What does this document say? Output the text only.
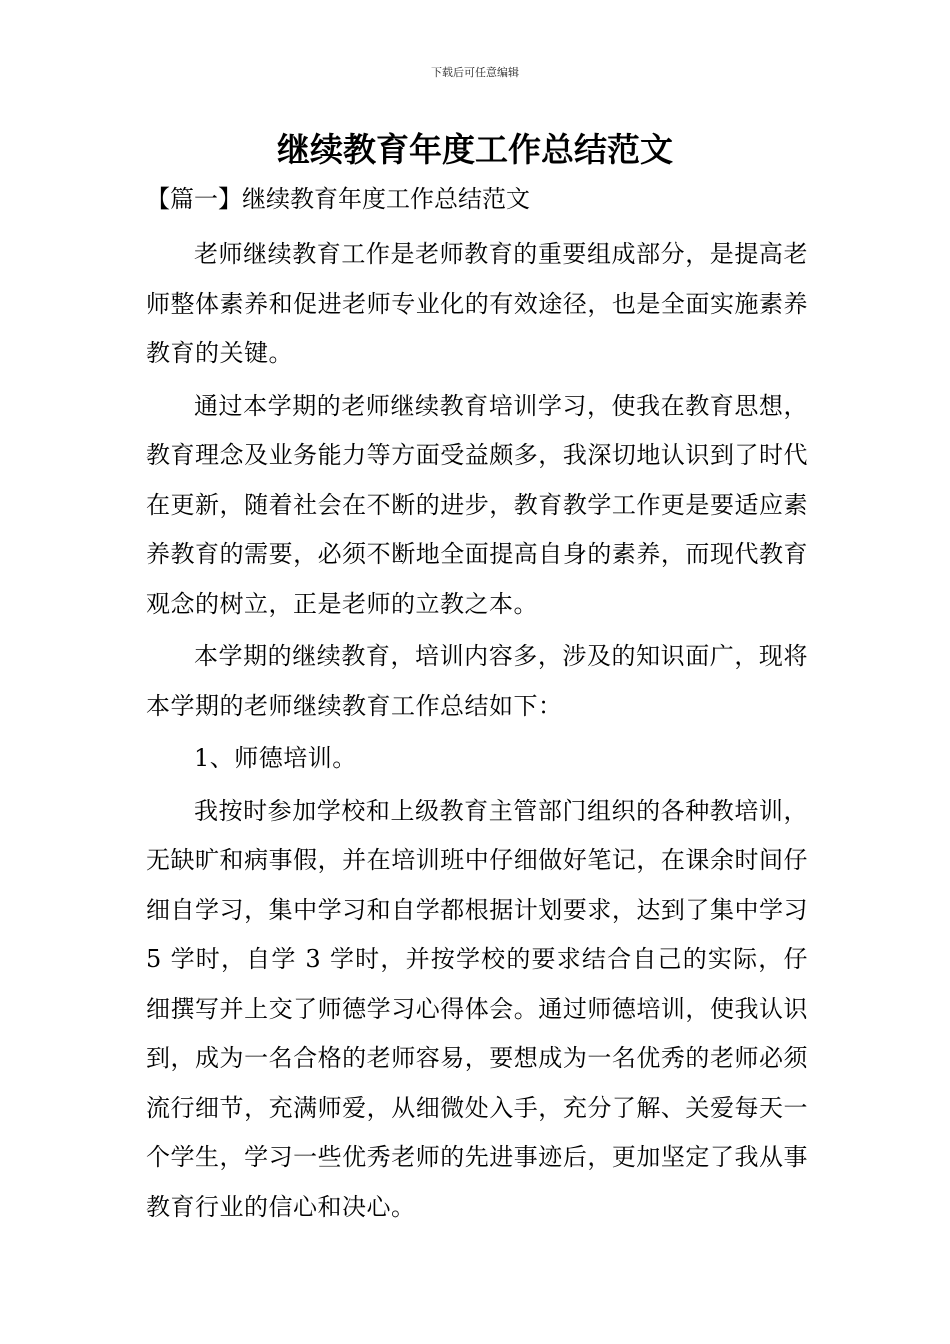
下载后可任意编辑
继续教育年度工作总结范文
【篇一】继续教育年度工作总结范文

老师继续教育工作是老师教育的重要组成部分，是提高老师整体素养和促进老师专业化的有效途径，也是全面实施素养教育的关键。

通过本学期的老师继续教育培训学习，使我在教育思想，教育理念及业务能力等方面受益颇多，我深切地认识到了时代在更新，随着社会在不断的进步，教育教学工作更是要适应素养教育的需要，必须不断地全面提高自身的素养，而现代教育观念的树立，正是老师的立教之本。

本学期的继续教育，培训内容多，涉及的知识面广，现将本学期的老师继续教育工作总结如下：

1、师德培训。

我按时参加学校和上级教育主管部门组织的各种教培训，无缺旷和病事假，并在培训班中仔细做好笔记，在课余时间仔细自学习，集中学习和自学都根据计划要求，达到了集中学习 5 学时，自学 3 学时，并按学校的要求结合自己的实际，仔细撰写并上交了师德学习心得体会。通过师德培训，使我认识到，成为一名合格的老师容易，要想成为一名优秀的老师必须流行细节，充满师爱，从细微处入手，充分了解、关爱每天一个学生，学习一些优秀老师的先进事迹后，更加坚定了我从事教育行业的信心和决心。
